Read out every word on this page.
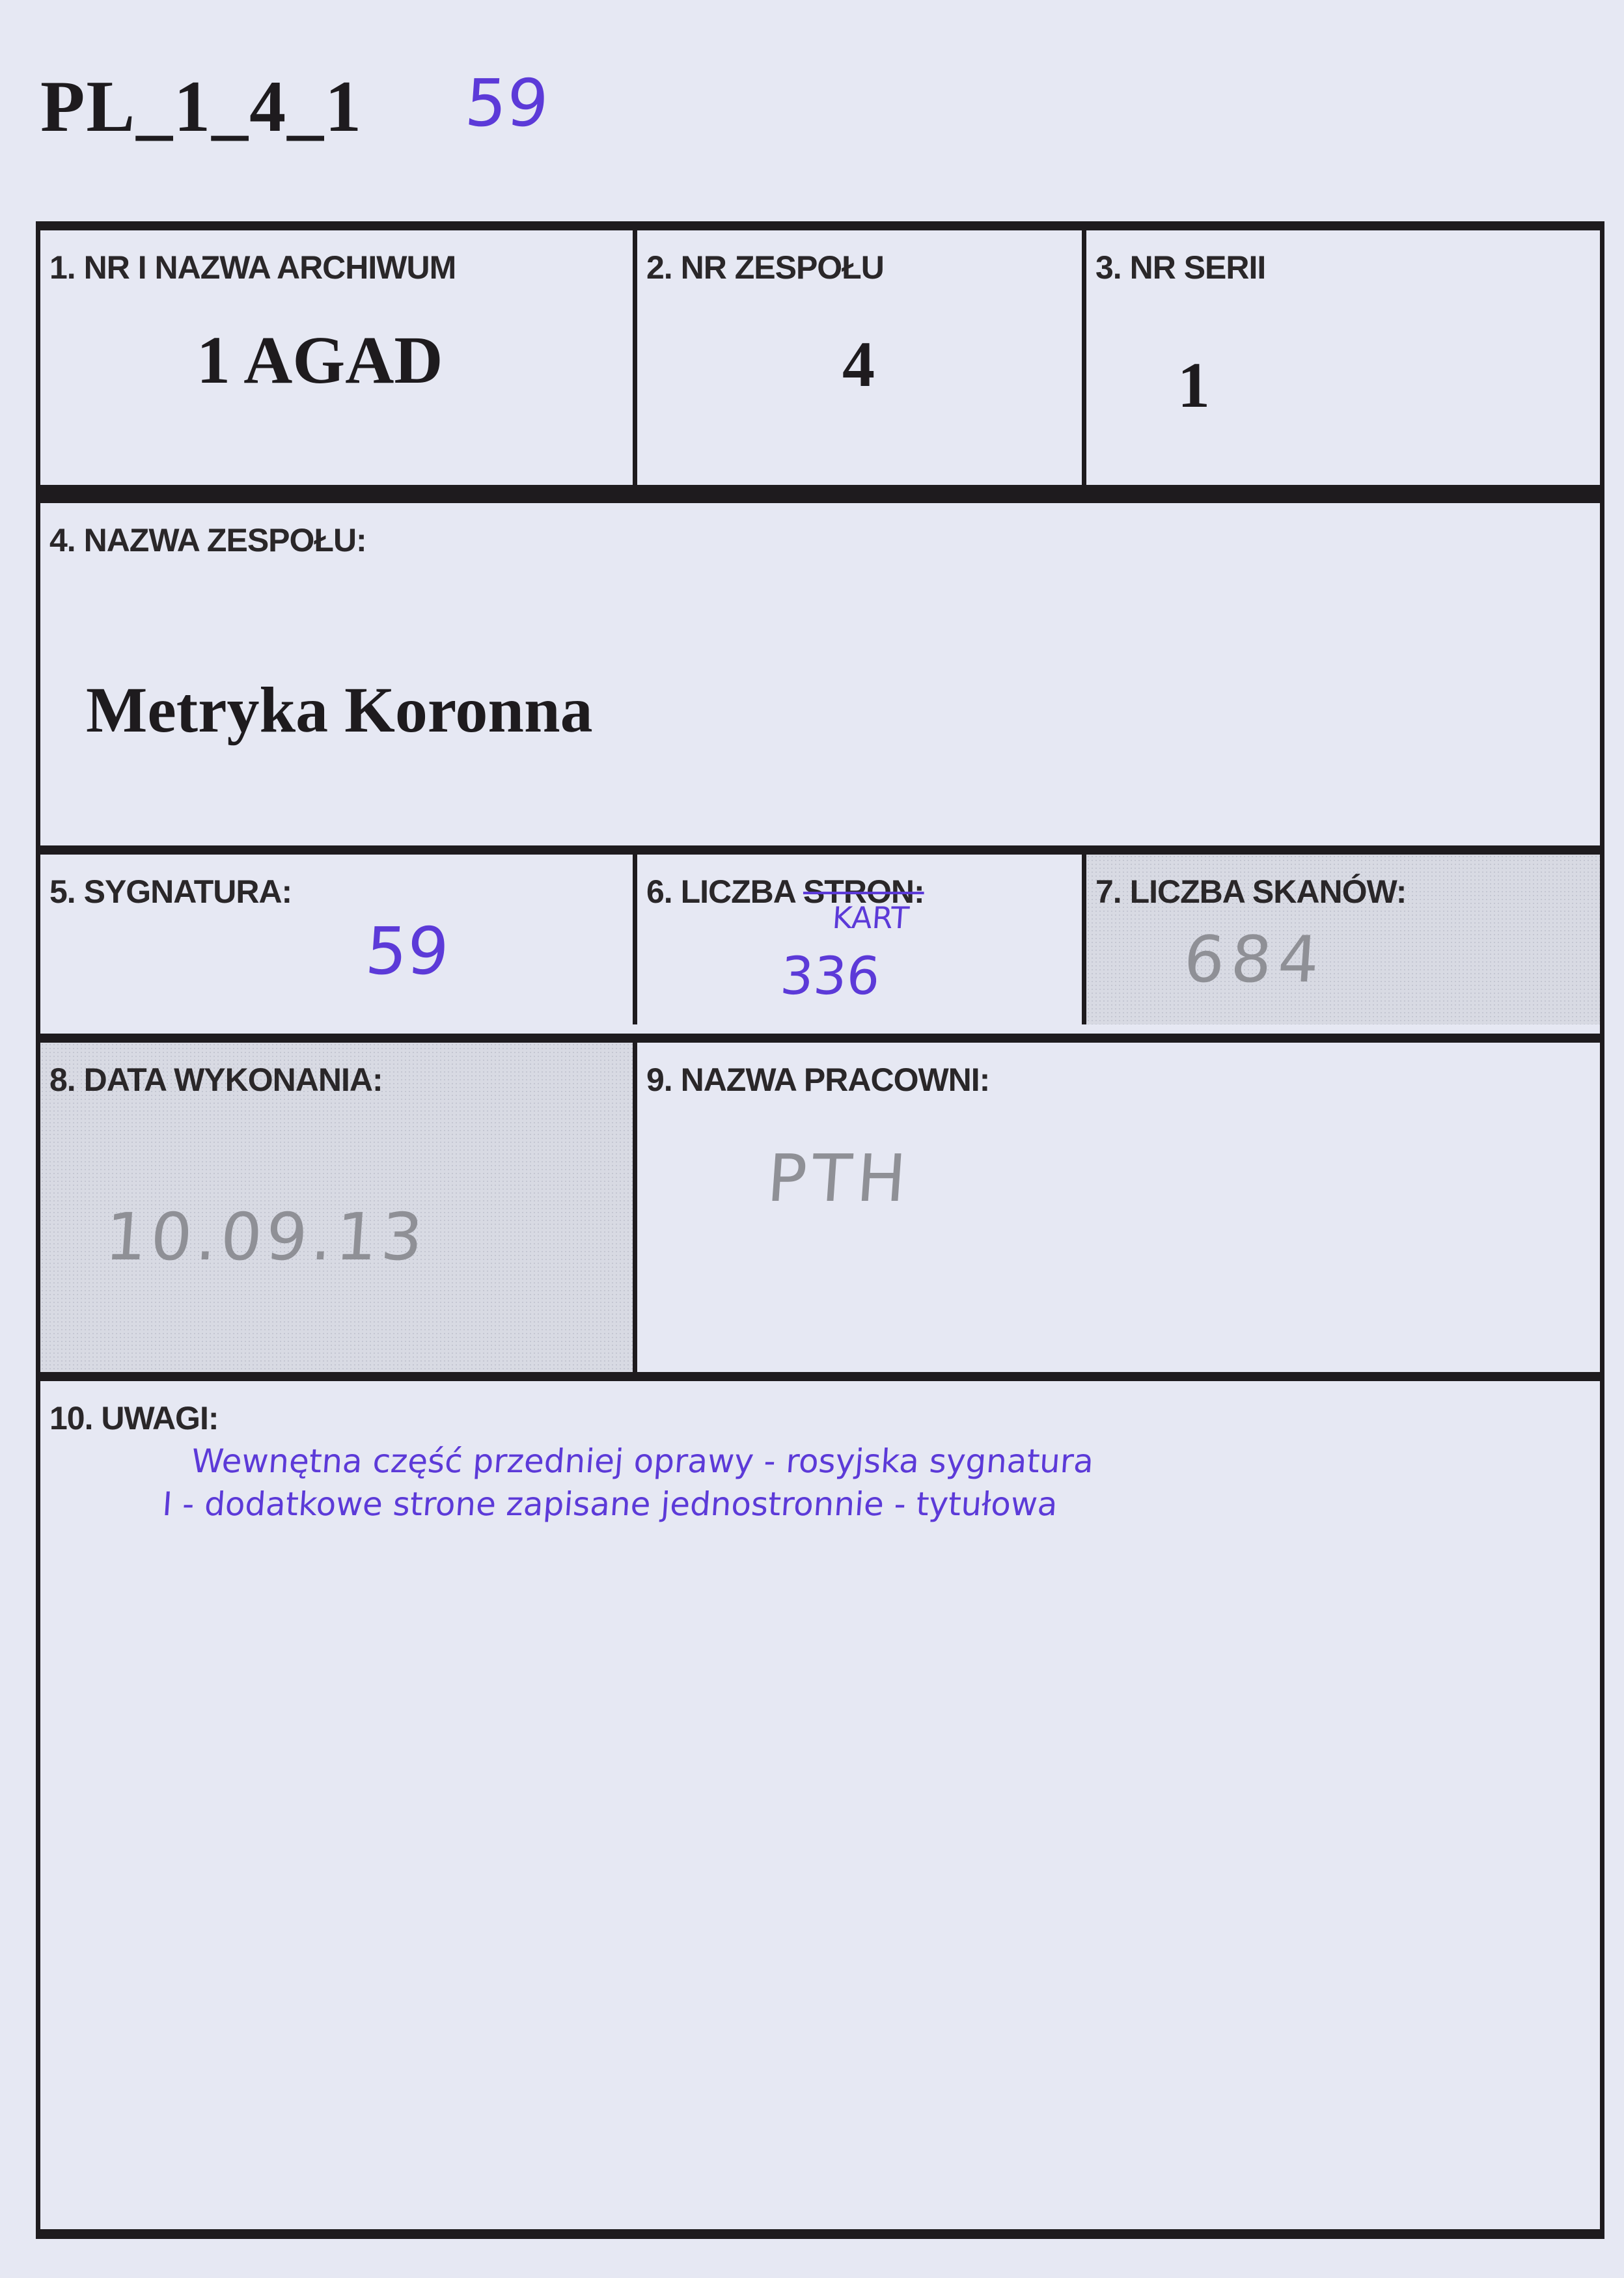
PL_1_4_1 59
1. NR I NAZWA ARCHIWUM
1 AGAD
2. NR ZESPOŁU
4
3. NR SERII
1
4. NAZWA ZESPOŁU:
Metryka Koronna
5. SYGNATURA:
59
6. LICZBA STRON:
KART
336
7. LICZBA SKANÓW:
684
8. DATA WYKONANIA:
10.09.13
9. NAZWA PRACOWNI:
PTH
10. UWAGI:
Wewnętna część przedniej oprawy - rosyjska sygnatura
I - dodatkowe strone zapisane jednostronnie - tytułowa
